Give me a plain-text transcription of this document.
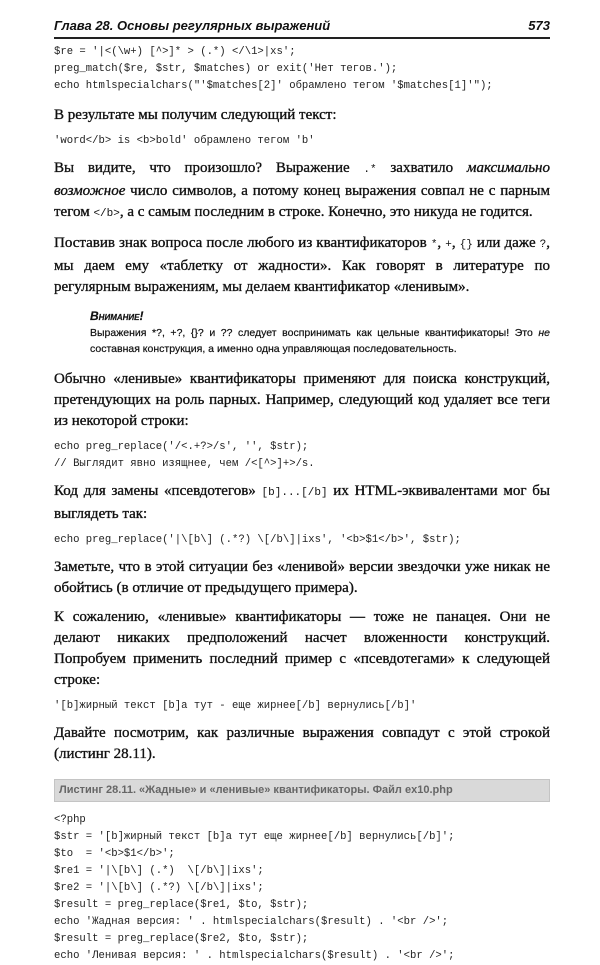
Глава 28. Основы регулярных выражений	573
$re = '|<(\w+) [^>]* > (.*) </\1>|xs';
preg_match($re, $str, $matches) or exit('Нет тегов.');
echo htmlspecialchars("'$matches[2]' обрамлено тегом '$matches[1]'");
В результате мы получим следующий текст:
'word</b> is <b>bold' обрамлено тегом 'b'
Вы видите, что произошло? Выражение .* захватило максимально возможное число символов, а потому конец выражения совпал не с парным тегом </b>, а с самым последним в строке. Конечно, это никуда не годится.
Поставив знак вопроса после любого из квантификаторов *, +, {} или даже ?, мы даем ему «таблетку от жадности». Как говорят в литературе по регулярным выражениям, мы делаем квантификатор «ленивым».
Внимание!
Выражения *?, +?, {}? и ?? следует воспринимать как цельные квантификаторы! Это не составная конструкция, а именно одна управляющая последовательность.
Обычно «ленивые» квантификаторы применяют для поиска конструкций, претендующих на роль парных. Например, следующий код удаляет все теги из некоторой строки:
echo preg_replace('/<.+?>/s', '', $str);
// Выглядит явно изящнее, чем /<[^>]+>/s.
Код для замены «псевдотегов» [b]...[/b] их HTML-эквивалентами мог бы выглядеть так:
echo preg_replace('|\[b\] (.*?) \[/b\]|ixs', '<b>$1</b>', $str);
Заметьте, что в этой ситуации без «ленивой» версии звездочки уже никак не обойтись (в отличие от предыдущего примера).
К сожалению, «ленивые» квантификаторы — тоже не панацея. Они не делают никаких предположений насчет вложенности конструкций. Попробуем применить последний пример с «псевдотегами» к следующей строке:
'[b]жирный текст [b]а тут - еще жирнее[/b] вернулись[/b]'
Давайте посмотрим, как различные выражения совпадут с этой строкой (листинг 28.11).
Листинг 28.11. «Жадные» и «ленивые» квантификаторы. Файл ex10.php
<?php
$str = '[b]жирный текст [b]а тут еще жирнее[/b] вернулись[/b]';
$to  = '<b>$1</b>';
$re1 = '|\[b\] (.*)  \[/b\]|ixs';
$re2 = '|\[b\] (.*?) \[/b\]|ixs';
$result = preg_replace($re1, $to, $str);
echo 'Жадная версия: ' . htmlspecialchars($result) . '<br />';
$result = preg_replace($re2, $to, $str);
echo 'Ленивая версия: ' . htmlspecialchars($result) . '<br />';
